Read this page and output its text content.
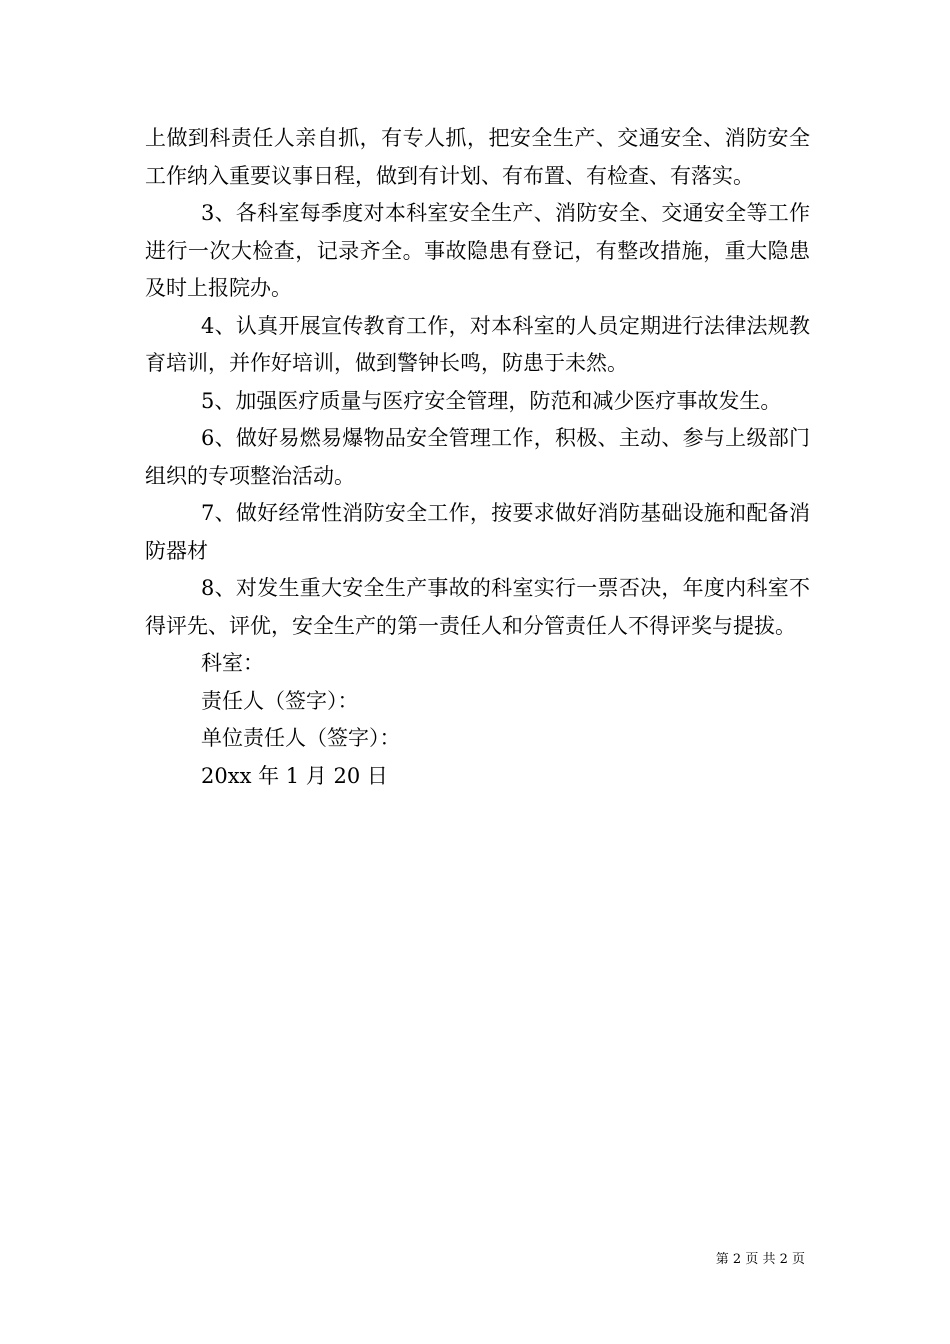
上做到科责任人亲自抓，有专人抓，把安全生产、交通安全、消防安全工作纳入重要议事日程，做到有计划、有布置、有检查、有落实。

3、各科室每季度对本科室安全生产、消防安全、交通安全等工作进行一次大检查，记录齐全。事故隐患有登记，有整改措施，重大隐患及时上报院办。

4、认真开展宣传教育工作，对本科室的人员定期进行法律法规教育培训，并作好培训，做到警钟长鸣，防患于未然。

5、加强医疗质量与医疗安全管理，防范和减少医疗事故发生。

6、做好易燃易爆物品安全管理工作，积极、主动、参与上级部门组织的专项整治活动。

7、做好经常性消防安全工作，按要求做好消防基础设施和配备消防器材

8、对发生重大安全生产事故的科室实行一票否决，年度内科室不得评先、评优，安全生产的第一责任人和分管责任人不得评奖与提拔。

科室：

责任人（签字）：

单位责任人（签字）：

20xx 年 1 月 20 日

第 2 页 共 2 页
